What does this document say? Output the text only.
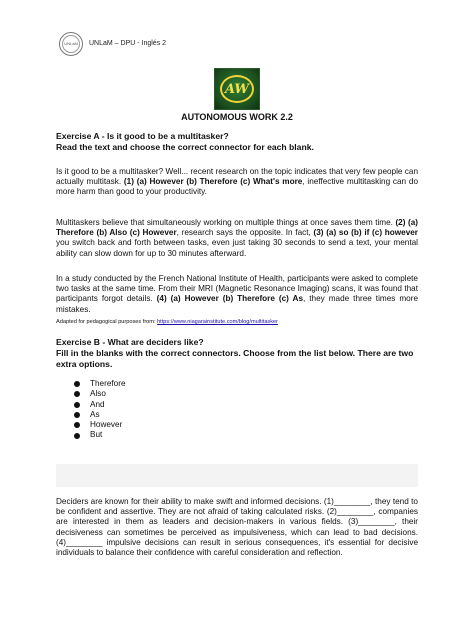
UNLaM	UNLaM – DPU - Inglés 2
AW
AUTONOMOUS WORK 2.2
Exercise A - Is it good to be a multitasker?
Read the text and choose the correct connector for each blank.
Is it good to be a multitasker? Well... recent research on the topic indicates that very few people can actually multitask. (1) (a) However (b) Therefore (c) What's more, ineffective multitasking can do more harm than good to your productivity.
Multitaskers believe that simultaneously working on multiple things at once saves them time. (2) (a) Therefore (b) Also (c) However, research says the opposite. In fact, (3) (a) so (b) if (c) however you switch back and forth between tasks, even just taking 30 seconds to send a text, your mental ability can slow down for up to 30 minutes afterward.
In a study conducted by the French National Institute of Health, participants were asked to complete two tasks at the same time. From their MRI (Magnetic Resonance Imaging) scans, it was found that participants forgot details. (4) (a) However (b) Therefore (c) As, they made three times more mistakes.
Adapted for pedagogical purposes from: https://www.niagarainstitute.com/blog/multitasker
Exercise B - What are deciders like?
Fill in the blanks with the correct connectors. Choose from the list below. There are two extra options.
Therefore
Also
And
As
However
But
Deciders are known for their ability to make swift and informed decisions. (1)________, they tend to be confident and assertive. They are not afraid of taking calculated risks. (2)________, companies are interested in them as leaders and decision-makers in various fields. (3)________, their decisiveness can sometimes be perceived as impulsiveness, which can lead to bad decisions. (4)________ impulsive decisions can result in serious consequences, it's essential for decisive individuals to balance their confidence with careful consideration and reflection.
